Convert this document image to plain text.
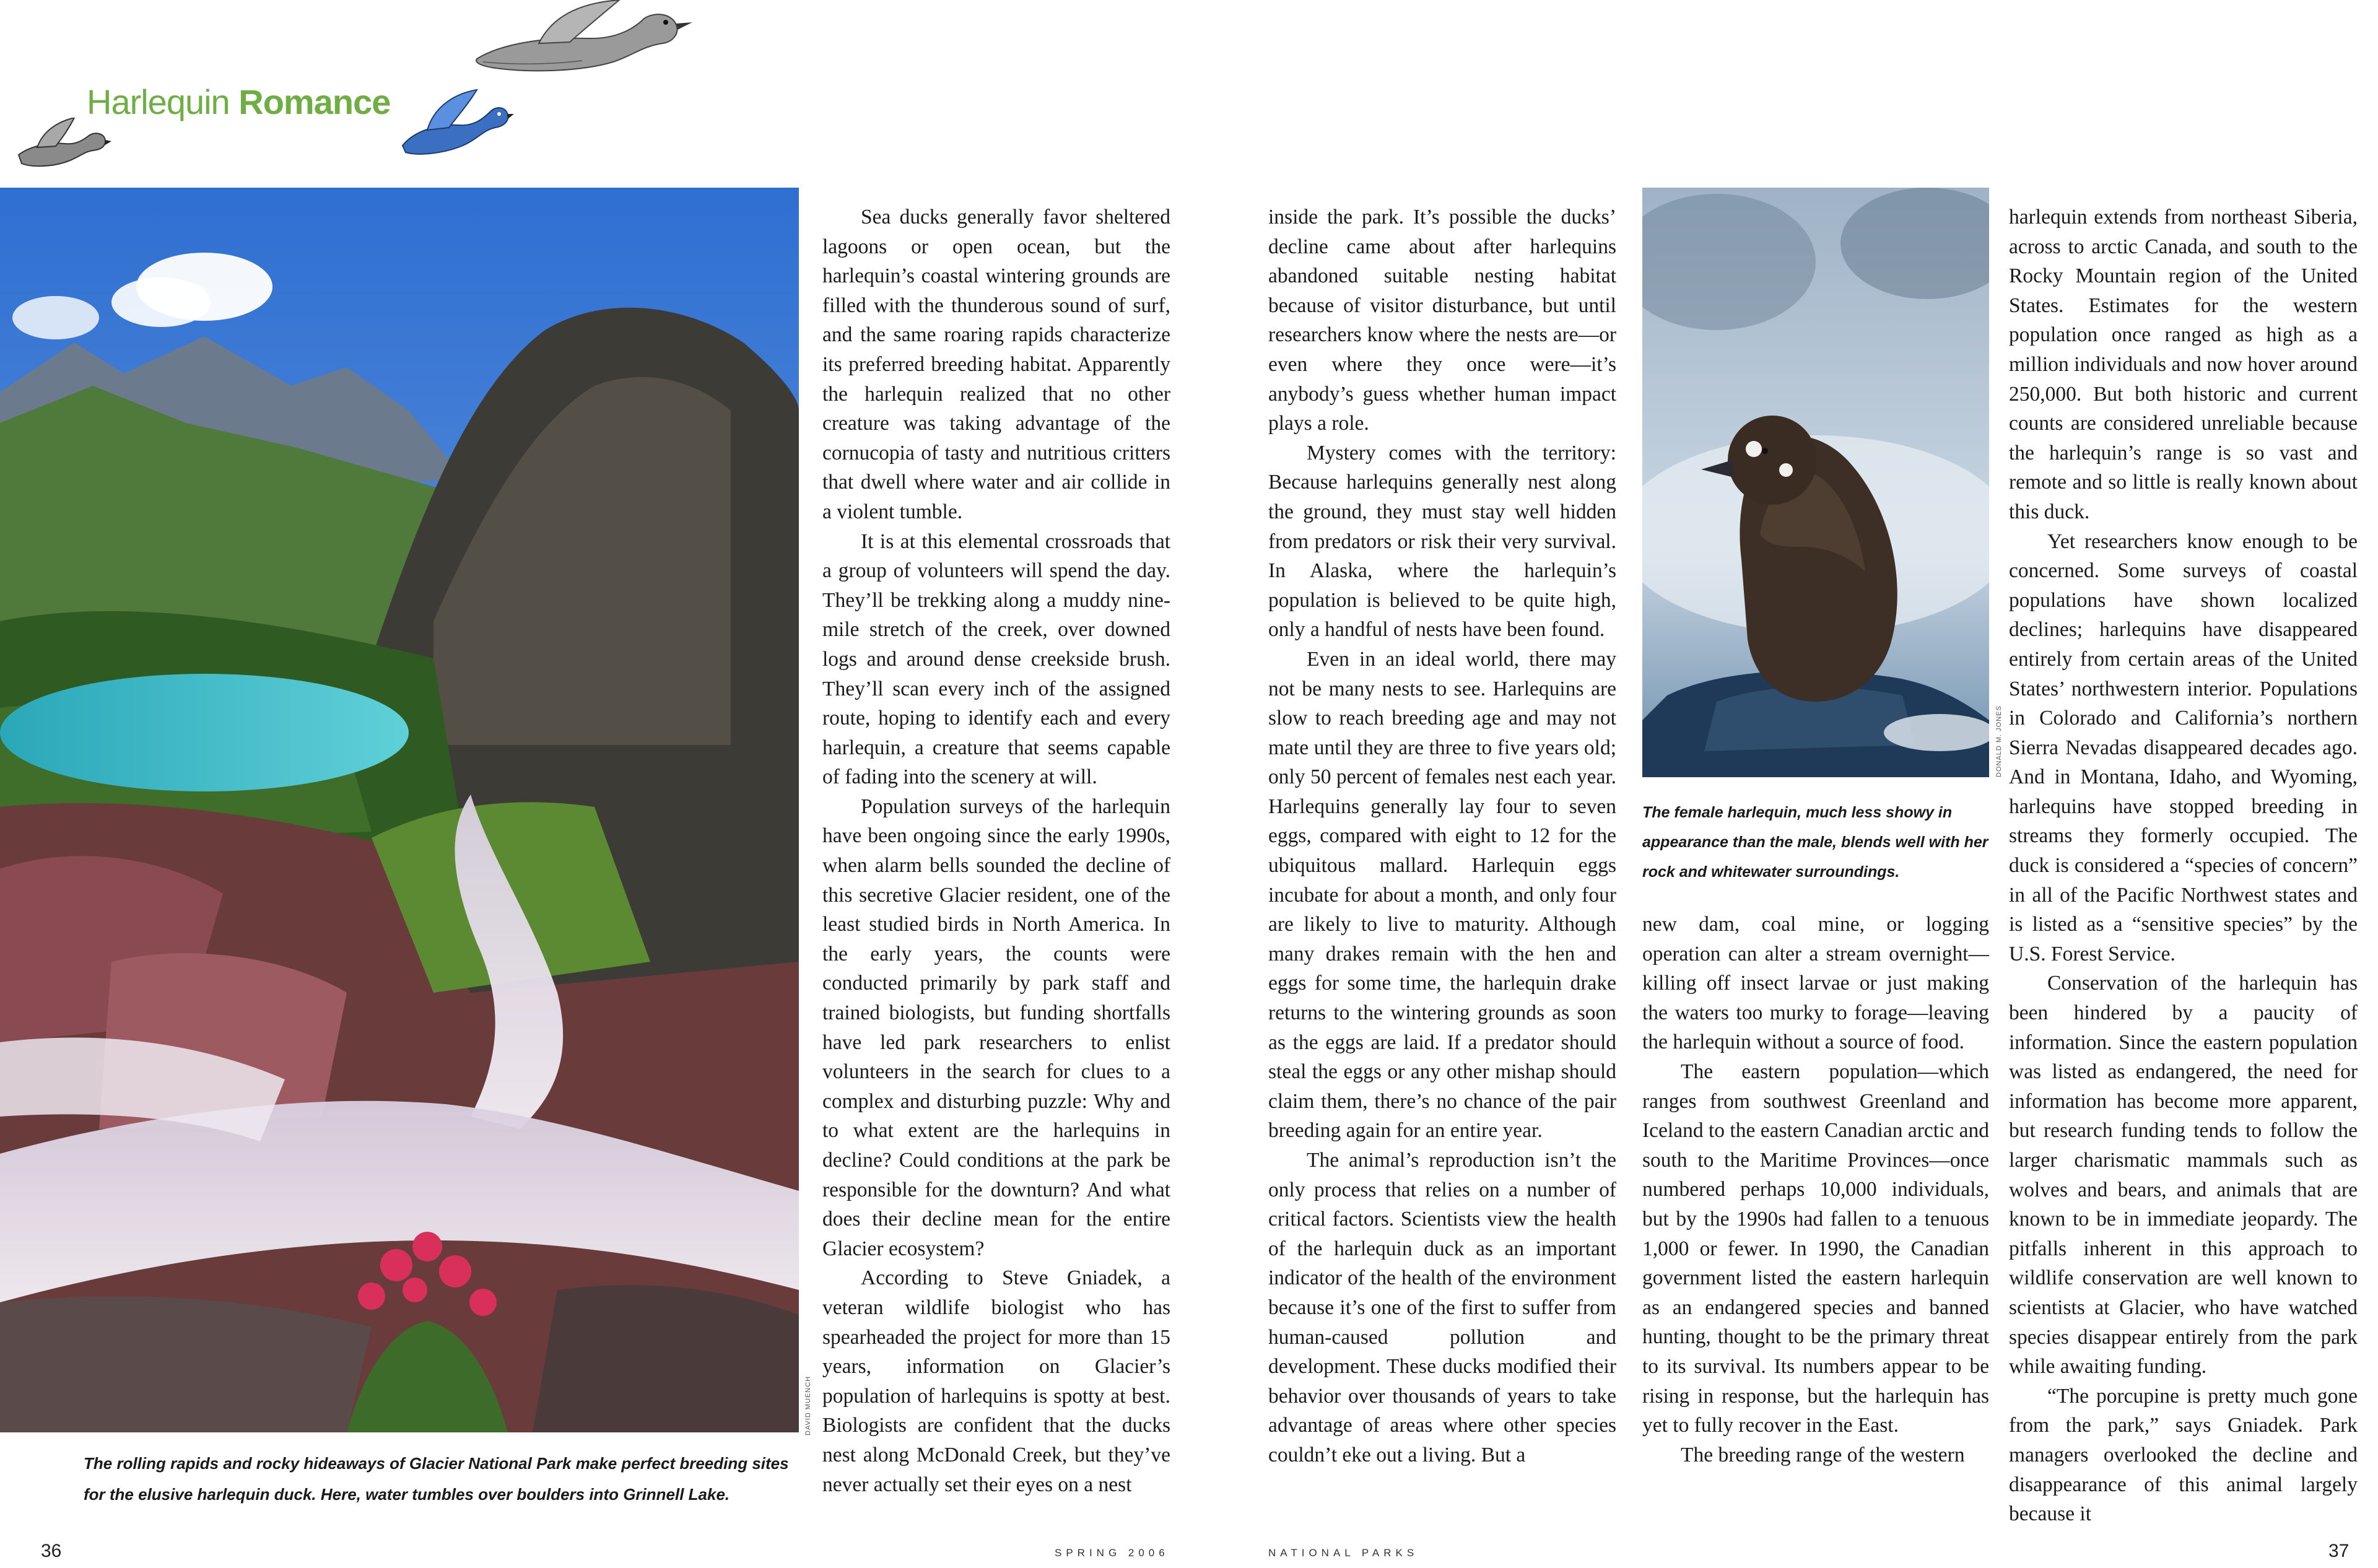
Harlequin Romance
DAVID MUENCH
The rolling rapids and rocky hideaways of Glacier National Park make perfect breeding sites for the elusive harlequin duck. Here, water tumbles over boulders into Grinnell Lake.
DONALD M. JONES
The female harlequin, much less showy in appearance than the male, blends well with her rock and whitewater surroundings.

Sea ducks generally favor sheltered lagoons or open ocean, but the harlequin’s coastal wintering grounds are filled with the thunderous sound of surf, and the same roaring rapids characterize its preferred breeding habitat. Apparently the harlequin realized that no other creature was taking advantage of the cornucopia of tasty and nutritious critters that dwell where water and air collide in a violent tumble.

It is at this elemental crossroads that a group of volunteers will spend the day. They’ll be trekking along a muddy nine-mile stretch of the creek, over downed logs and around dense creekside brush. They’ll scan every inch of the assigned route, hoping to identify each and every harlequin, a creature that seems capable of fading into the scenery at will.

Population surveys of the harlequin have been ongoing since the early 1990s, when alarm bells sounded the decline of this secretive Glacier resident, one of the least studied birds in North America. In the early years, the counts were conducted primarily by park staff and trained biologists, but funding shortfalls have led park researchers to enlist volunteers in the search for clues to a complex and disturbing puzzle: Why and to what extent are the harlequins in decline? Could conditions at the park be responsible for the downturn? And what does their decline mean for the entire Glacier ecosystem?

According to Steve Gniadek, a veteran wildlife biologist who has spearheaded the project for more than 15 years, information on Glacier’s population of harlequins is spotty at best. Biologists are confident that the ducks nest along McDonald Creek, but they’ve never actually set their eyes on a nest

inside the park. It’s possible the ducks’ decline came about after harlequins abandoned suitable nesting habitat because of visitor disturbance, but until researchers know where the nests are—or even where they once were—it’s anybody’s guess whether human impact plays a role.

Mystery comes with the territory: Because harlequins generally nest along the ground, they must stay well hidden from predators or risk their very survival. In Alaska, where the harlequin’s population is believed to be quite high, only a handful of nests have been found.

Even in an ideal world, there may not be many nests to see. Harlequins are slow to reach breeding age and may not mate until they are three to five years old; only 50 percent of females nest each year. Harlequins generally lay four to seven eggs, compared with eight to 12 for the ubiquitous mallard. Harlequin eggs incubate for about a month, and only four are likely to live to maturity. Although many drakes remain with the hen and eggs for some time, the harlequin drake returns to the wintering grounds as soon as the eggs are laid. If a predator should steal the eggs or any other mishap should claim them, there’s no chance of the pair breeding again for an entire year.

The animal’s reproduction isn’t the only process that relies on a number of critical factors. Scientists view the health of the harlequin duck as an important indicator of the health of the environment because it’s one of the first to suffer from human-caused pollution and development. These ducks modified their behavior over thousands of years to take advantage of areas where other species couldn’t eke out a living. But a

new dam, coal mine, or logging operation can alter a stream overnight—killing off insect larvae or just making the waters too murky to forage—leaving the harlequin without a source of food.

The eastern population—which ranges from southwest Greenland and Iceland to the eastern Canadian arctic and south to the Maritime Provinces—once numbered perhaps 10,000 individuals, but by the 1990s had fallen to a tenuous 1,000 or fewer. In 1990, the Canadian government listed the eastern harlequin as an endangered species and banned hunting, thought to be the primary threat to its survival. Its numbers appear to be rising in response, but the harlequin has yet to fully recover in the East.

The breeding range of the western

harlequin extends from northeast Siberia, across to arctic Canada, and south to the Rocky Mountain region of the United States. Estimates for the western population once ranged as high as a million individuals and now hover around 250,000. But both historic and current counts are considered unreliable because the harlequin’s range is so vast and remote and so little is really known about this duck.

Yet researchers know enough to be concerned. Some surveys of coastal populations have shown localized declines; harlequins have disappeared entirely from certain areas of the United States’ northwestern interior. Populations in Colorado and California’s northern Sierra Nevadas disappeared decades ago. And in Montana, Idaho, and Wyoming, harlequins have stopped breeding in streams they formerly occupied. The duck is considered a “species of concern” in all of the Pacific Northwest states and is listed as a “sensitive species” by the U.S. Forest Service.

Conservation of the harlequin has been hindered by a paucity of information. Since the eastern population was listed as endangered, the need for information has become more apparent, but research funding tends to follow the larger charismatic mammals such as wolves and bears, and animals that are known to be in immediate jeopardy. The pitfalls inherent in this approach to wildlife conservation are well known to scientists at Glacier, who have watched species disappear entirely from the park while awaiting funding.

“The porcupine is pretty much gone from the park,” says Gniadek. Park managers overlooked the decline and disappearance of this animal largely because it

36	SPRING 2006	NATIONAL PARKS	37
